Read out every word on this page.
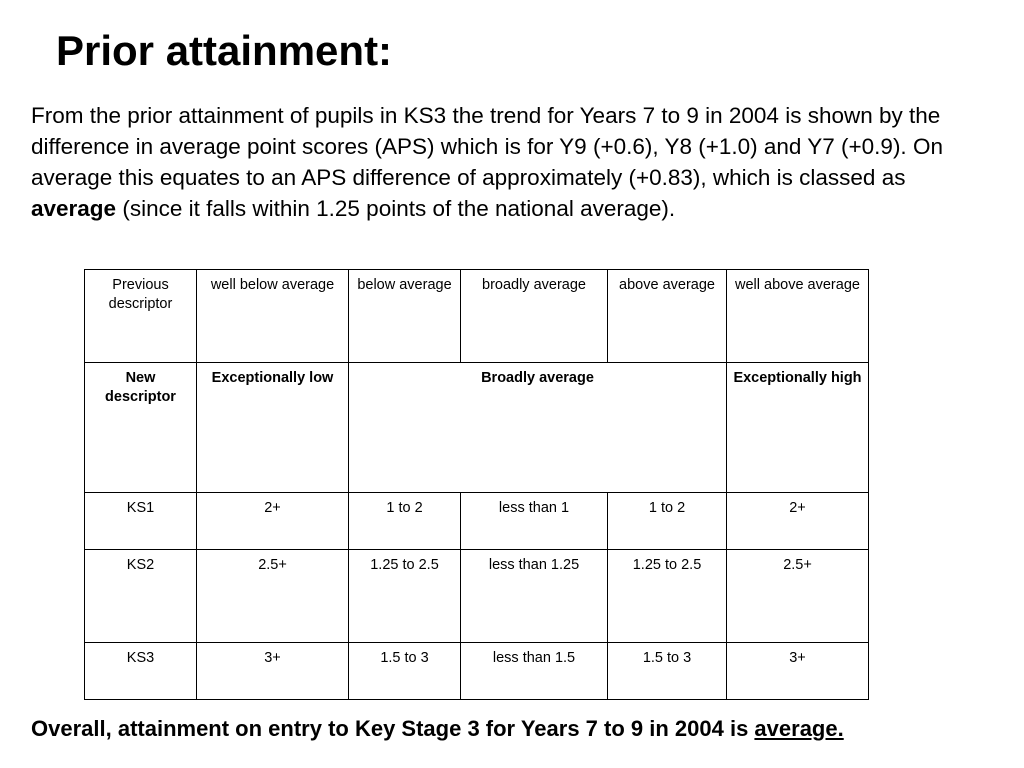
Prior attainment:

From the prior attainment of pupils in KS3 the trend for Years 7 to 9 in 2004 is shown by the difference in average point scores (APS) which is for Y9 (+0.6), Y8 (+1.0) and Y7 (+0.9). On average this equates to an APS difference of approximately (+0.83), which is classed as average (since it falls within 1.25 points of the national average).

Previous descriptor	well below average	below average	broadly average	above average	well above average
New descriptor	Exceptionally low	Broadly average			Exceptionally high
KS1	2+	1 to 2	less than 1	1 to 2	2+
KS2	2.5+	1.25 to 2.5	less than 1.25	1.25 to 2.5	2.5+
KS3	3+	1.5 to 3	less than 1.5	1.5 to 3	3+

Overall, attainment on entry to Key Stage 3 for Years 7 to 9 in 2004 is average.
